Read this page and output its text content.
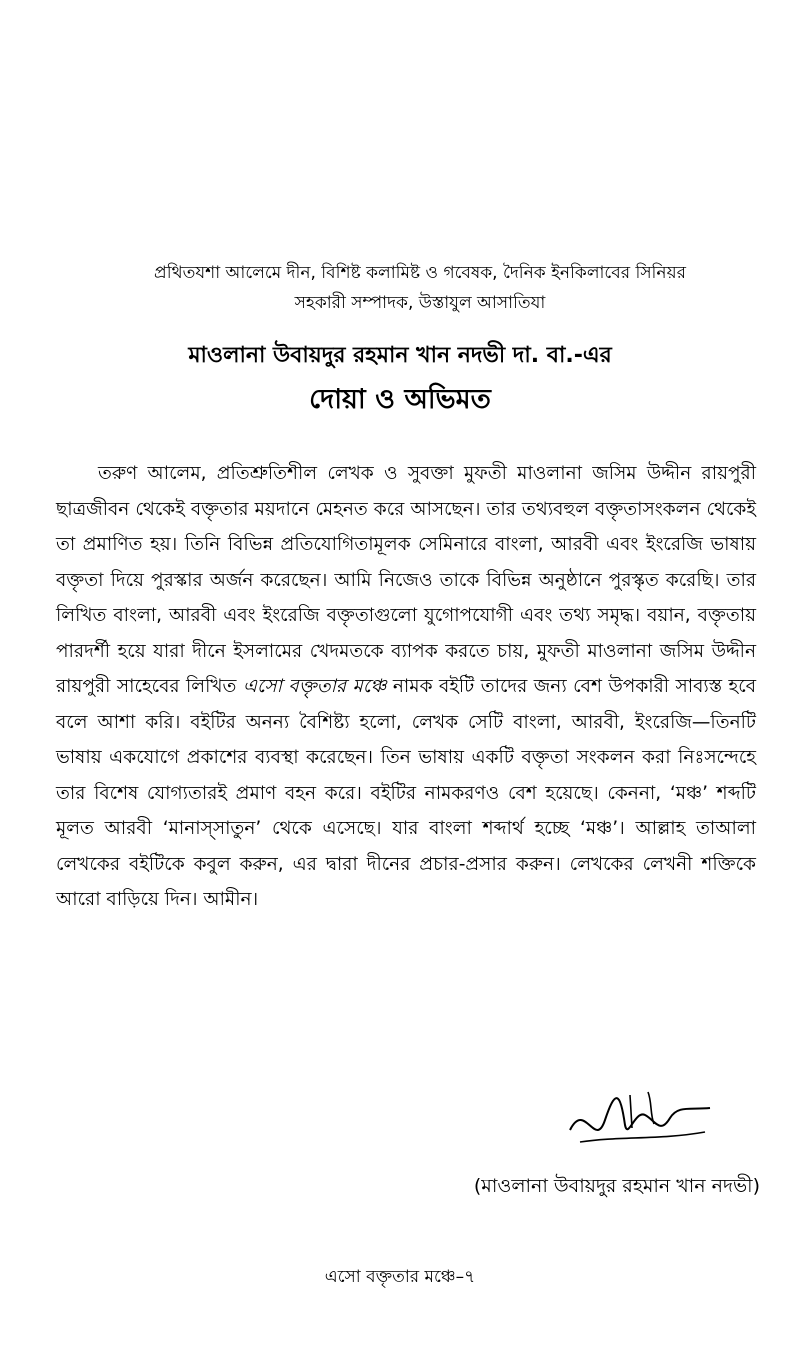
প্রথিতযশা আলেমে দীন, বিশিষ্ট কলামিষ্ট ও গবেষক, দৈনিক ইনকিলাবের সিনিয়র
সহকারী সম্পাদক, উস্তাযুল আসাতিযা
মাওলানা উবায়দুর রহমান খান নদভী দা. বা.-এর
দোয়া ও অভিমত

তরুণ আলেম, প্রতিশ্রুতিশীল লেখক ও সুবক্তা মুফতী মাওলানা জসিম উদ্দীন রায়পুরী ছাত্রজীবন থেকেই বক্তৃতার ময়দানে মেহনত করে আসছেন। তার তথ্যবহুল বক্তৃতাসংকলন থেকেই তা প্রমাণিত হয়। তিনি বিভিন্ন প্রতিযোগিতামূলক সেমিনারে বাংলা, আরবী এবং ইংরেজি ভাষায় বক্তৃতা দিয়ে পুরস্কার অর্জন করেছেন। আমি নিজেও তাকে বিভিন্ন অনুষ্ঠানে পুরস্কৃত করেছি। তার লিখিত বাংলা, আরবী এবং ইংরেজি বক্তৃতাগুলো যুগোপযোগী এবং তথ্য সমৃদ্ধ। বয়ান, বক্তৃতায় পারদর্শী হয়ে যারা দীনে ইসলামের খেদমতকে ব্যাপক করতে চায়, মুফতী মাওলানা জসিম উদ্দীন রায়পুরী সাহেবের লিখিত এসো বক্তৃতার মঞ্চে নামক বইটি তাদের জন্য বেশ উপকারী সাব্যস্ত হবে বলে আশা করি। বইটির অনন্য বৈশিষ্ট্য হলো, লেখক সেটি বাংলা, আরবী, ইংরেজি—তিনটি ভাষায় একযোগে প্রকাশের ব্যবস্থা করেছেন। তিন ভাষায় একটি বক্তৃতা সংকলন করা নিঃসন্দেহে তার বিশেষ যোগ্যতারই প্রমাণ বহন করে। বইটির নামকরণও বেশ হয়েছে। কেননা, ‘মঞ্চ’ শব্দটি মূলত আরবী ‘মানাস্সাতুন’ থেকে এসেছে। যার বাংলা শব্দার্থ হচ্ছে ‘মঞ্চ’। আল্লাহ তাআলা লেখকের বইটিকে কবুল করুন, এর দ্বারা দীনের প্রচার-প্রসার করুন। লেখকের লেখনী শক্তিকে আরো বাড়িয়ে দিন। আমীন।

(মাওলানা উবায়দুর রহমান খান নদভী)
এসো বক্তৃতার মঞ্চে–৭
